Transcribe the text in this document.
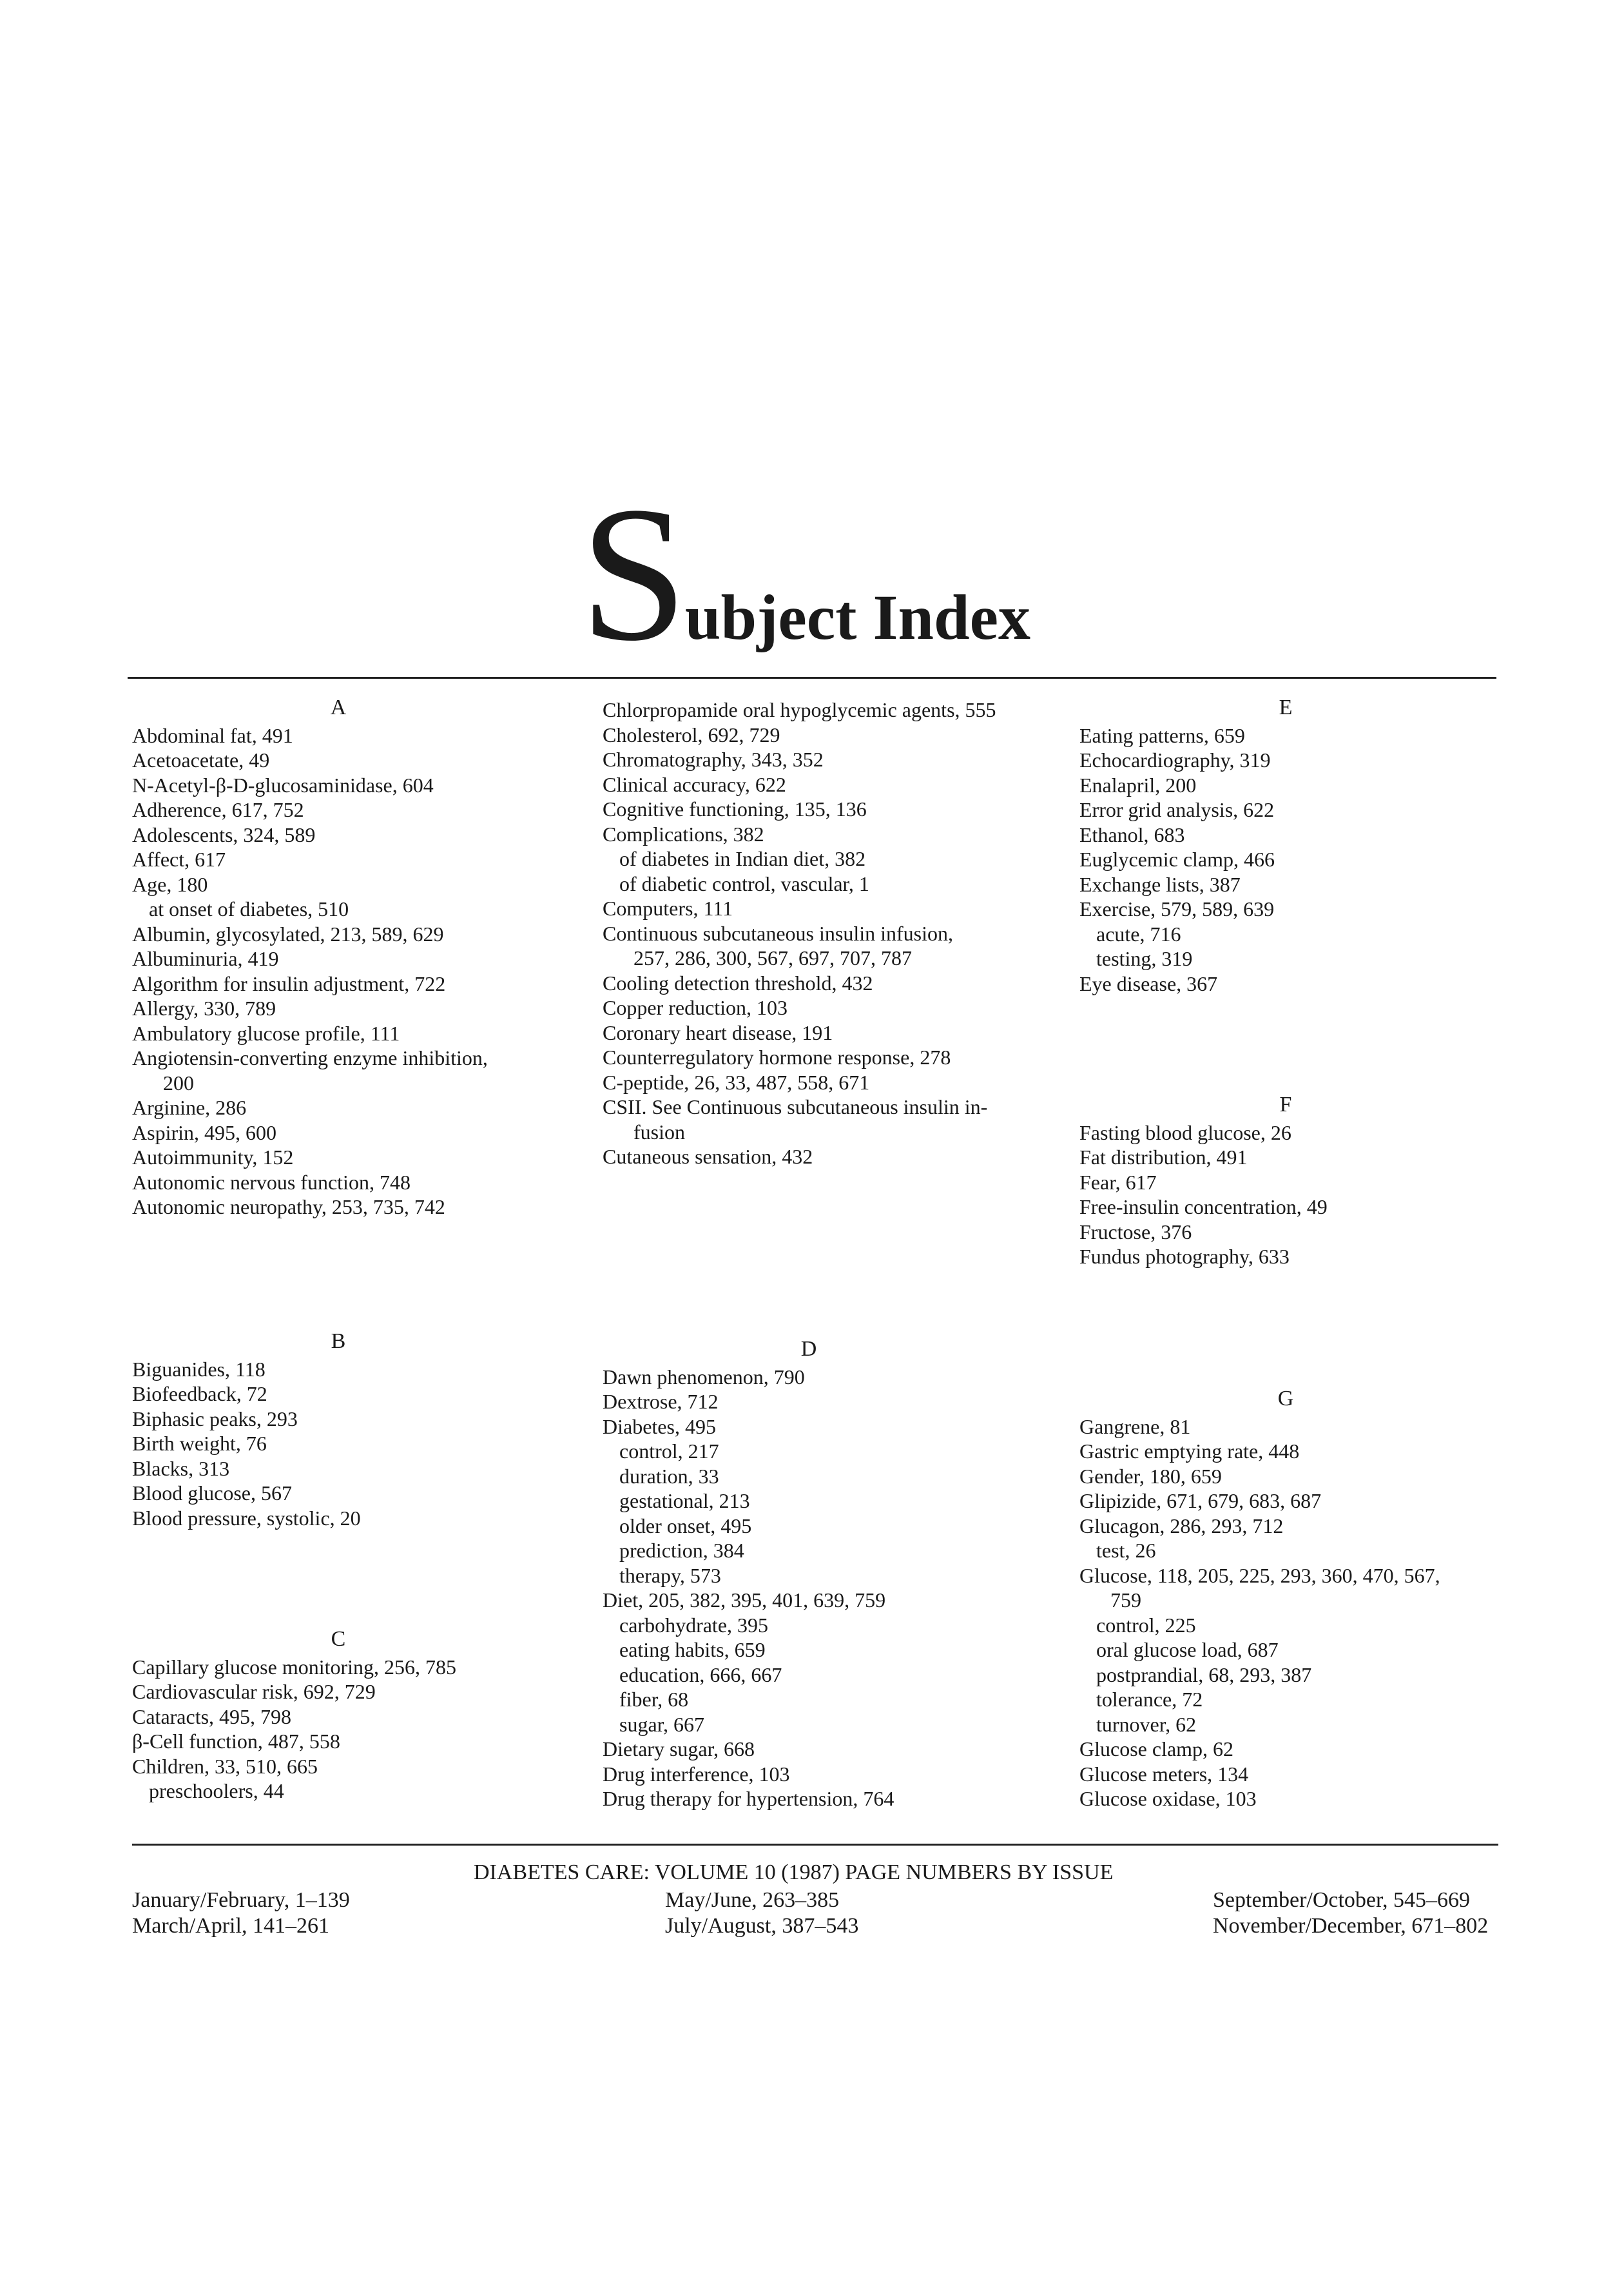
Subject Index
A
Abdominal fat, 491
Acetoacetate, 49
N-Acetyl-β-D-glucosaminidase, 604
Adherence, 617, 752
Adolescents, 324, 589
Affect, 617
Age, 180
at onset of diabetes, 510
Albumin, glycosylated, 213, 589, 629
Albuminuria, 419
Algorithm for insulin adjustment, 722
Allergy, 330, 789
Ambulatory glucose profile, 111
Angiotensin-converting enzyme inhibition,
200
Arginine, 286
Aspirin, 495, 600
Autoimmunity, 152
Autonomic nervous function, 748
Autonomic neuropathy, 253, 735, 742
B
Biguanides, 118
Biofeedback, 72
Biphasic peaks, 293
Birth weight, 76
Blacks, 313
Blood glucose, 567
Blood pressure, systolic, 20
C
Capillary glucose monitoring, 256, 785
Cardiovascular risk, 692, 729
Cataracts, 495, 798
β-Cell function, 487, 558
Children, 33, 510, 665
preschoolers, 44
Chlorpropamide oral hypoglycemic agents, 555
Cholesterol, 692, 729
Chromatography, 343, 352
Clinical accuracy, 622
Cognitive functioning, 135, 136
Complications, 382
of diabetes in Indian diet, 382
of diabetic control, vascular, 1
Computers, 111
Continuous subcutaneous insulin infusion,
257, 286, 300, 567, 697, 707, 787
Cooling detection threshold, 432
Copper reduction, 103
Coronary heart disease, 191
Counterregulatory hormone response, 278
C-peptide, 26, 33, 487, 558, 671
CSII. See Continuous subcutaneous insulin in-
fusion
Cutaneous sensation, 432
D
Dawn phenomenon, 790
Dextrose, 712
Diabetes, 495
control, 217
duration, 33
gestational, 213
older onset, 495
prediction, 384
therapy, 573
Diet, 205, 382, 395, 401, 639, 759
carbohydrate, 395
eating habits, 659
education, 666, 667
fiber, 68
sugar, 667
Dietary sugar, 668
Drug interference, 103
Drug therapy for hypertension, 764
E
Eating patterns, 659
Echocardiography, 319
Enalapril, 200
Error grid analysis, 622
Ethanol, 683
Euglycemic clamp, 466
Exchange lists, 387
Exercise, 579, 589, 639
acute, 716
testing, 319
Eye disease, 367
F
Fasting blood glucose, 26
Fat distribution, 491
Fear, 617
Free-insulin concentration, 49
Fructose, 376
Fundus photography, 633
G
Gangrene, 81
Gastric emptying rate, 448
Gender, 180, 659
Glipizide, 671, 679, 683, 687
Glucagon, 286, 293, 712
test, 26
Glucose, 118, 205, 225, 293, 360, 470, 567,
759
control, 225
oral glucose load, 687
postprandial, 68, 293, 387
tolerance, 72
turnover, 62
Glucose clamp, 62
Glucose meters, 134
Glucose oxidase, 103
DIABETES CARE: VOLUME 10 (1987) PAGE NUMBERS BY ISSUE
January/February, 1–139
March/April, 141–261
May/June, 263–385
July/August, 387–543
September/October, 545–669
November/December, 671–802
